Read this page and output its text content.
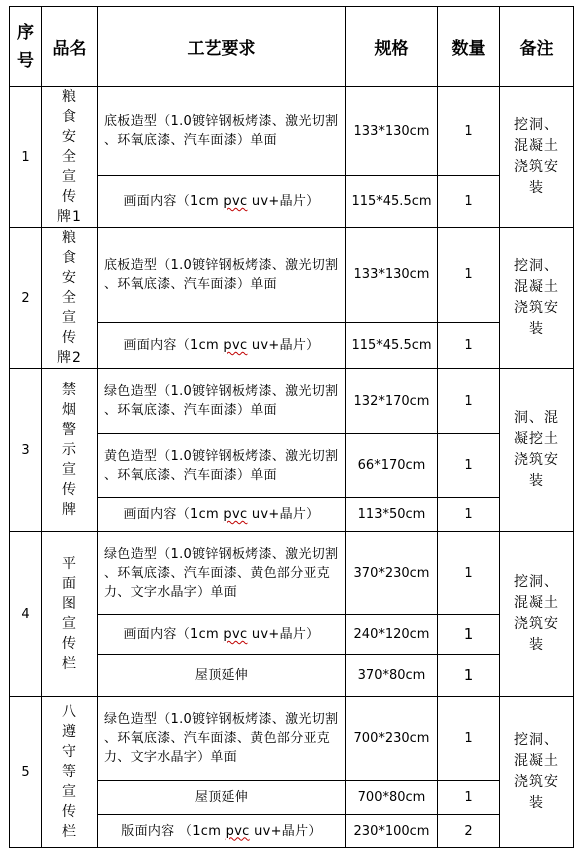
序号	品名	工艺要求	规格	数量	备注
1	粮食安全宣传牌1	底板造型（1.0镀锌钢板烤漆、激光切割 、环氧底漆、汽车面漆）单面	133*130cm	1	挖洞、混凝土浇筑安装

		画面内容（1cm pvc uv+晶片）	115*45.5cm	1	
2	粮食安全宣传牌2	底板造型（1.0镀锌钢板烤漆、激光切割 、环氧底漆、汽车面漆）单面	133*130cm	1	挖洞、混凝土浇筑安装

		画面内容（1cm pvc uv+晶片）	115*45.5cm	1	
3	禁烟警示宣传牌	绿色造型（1.0镀锌钢板烤漆、激光切割 、环氧底漆、汽车面漆）单面	132*170cm	1	洞、混凝挖土浇筑安装

		黄色造型（1.0镀锌钢板烤漆、激光切割 、环氧底漆、汽车面漆）单面	66*170cm	1	
		画面内容（1cm pvc uv+晶片）	113*50cm	1	
4	平面图宣传栏	绿色造型（1.0镀锌钢板烤漆、激光切割 、环氧底漆、汽车面漆、黄色部分亚克力、文字水晶字）单面	370*230cm	1	挖洞、混凝土浇筑安装

		画面内容（1cm pvc uv+晶片）	240*120cm	1	
		屋顶延伸	370*80cm	1	
5	八遵守等宣传栏	绿色造型（1.0镀锌钢板烤漆、激光切割 、环氧底漆、汽车面漆、黄色部分亚克力、文字水晶字）单面	700*230cm	1	挖洞、混凝土浇筑安装

		屋顶延伸	700*80cm	1	
		版面内容 （1cm pvc uv+晶片）	230*100cm	2	
